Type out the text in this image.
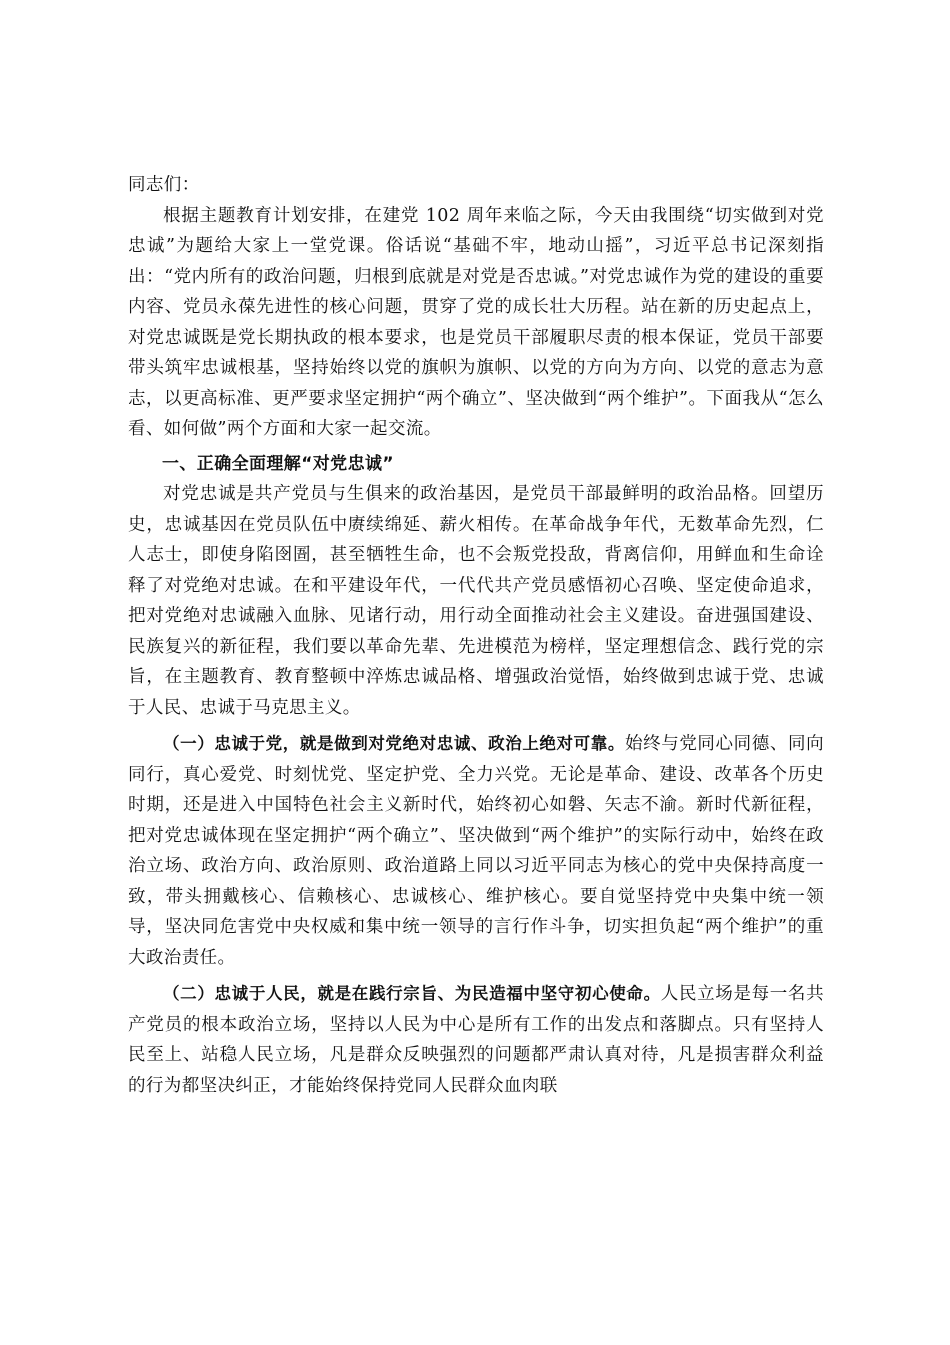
同志们：

根据主题教育计划安排，在建党 102 周年来临之际，今天由我围绕“切实做到对党忠诚”为题给大家上一堂党课。俗话说“基础不牢，地动山摇”，习近平总书记深刻指出：“党内所有的政治问题，归根到底就是对党是否忠诚。”对党忠诚作为党的建设的重要内容、党员永葆先进性的核心问题，贯穿了党的成长壮大历程。站在新的历史起点上，对党忠诚既是党长期执政的根本要求，也是党员干部履职尽责的根本保证，党员干部要带头筑牢忠诚根基，坚持始终以党的旗帜为旗帜、以党的方向为方向、以党的意志为意志，以更高标准、更严要求坚定拥护“两个确立”、坚决做到“两个维护”。下面我从“怎么看、如何做”两个方面和大家一起交流。

一、正确全面理解“对党忠诚”

对党忠诚是共产党员与生俱来的政治基因，是党员干部最鲜明的政治品格。回望历史，忠诚基因在党员队伍中赓续绵延、薪火相传。在革命战争年代，无数革命先烈，仁人志士，即使身陷囹圄，甚至牺牲生命，也不会叛党投敌，背离信仰，用鲜血和生命诠释了对党绝对忠诚。在和平建设年代，一代代共产党员感悟初心召唤、坚定使命追求，把对党绝对忠诚融入血脉、见诸行动，用行动全面推动社会主义建设。奋进强国建设、民族复兴的新征程，我们要以革命先辈、先进模范为榜样，坚定理想信念、践行党的宗旨，在主题教育、教育整顿中淬炼忠诚品格、增强政治觉悟，始终做到忠诚于党、忠诚于人民、忠诚于马克思主义。

（一）忠诚于党，就是做到对党绝对忠诚、政治上绝对可靠。始终与党同心同德、同向同行，真心爱党、时刻忧党、坚定护党、全力兴党。无论是革命、建设、改革各个历史时期，还是进入中国特色社会主义新时代，始终初心如磐、矢志不渝。新时代新征程，把对党忠诚体现在坚定拥护“两个确立”、坚决做到“两个维护”的实际行动中，始终在政治立场、政治方向、政治原则、政治道路上同以习近平同志为核心的党中央保持高度一致，带头拥戴核心、信赖核心、忠诚核心、维护核心。要自觉坚持党中央集中统一领导，坚决同危害党中央权威和集中统一领导的言行作斗争，切实担负起“两个维护”的重大政治责任。

（二）忠诚于人民，就是在践行宗旨、为民造福中坚守初心使命。人民立场是每一名共产党员的根本政治立场，坚持以人民为中心是所有工作的出发点和落脚点。只有坚持人民至上、站稳人民立场，凡是群众反映强烈的问题都严肃认真对待，凡是损害群众利益的行为都坚决纠正，才能始终保持党同人民群众血肉联
